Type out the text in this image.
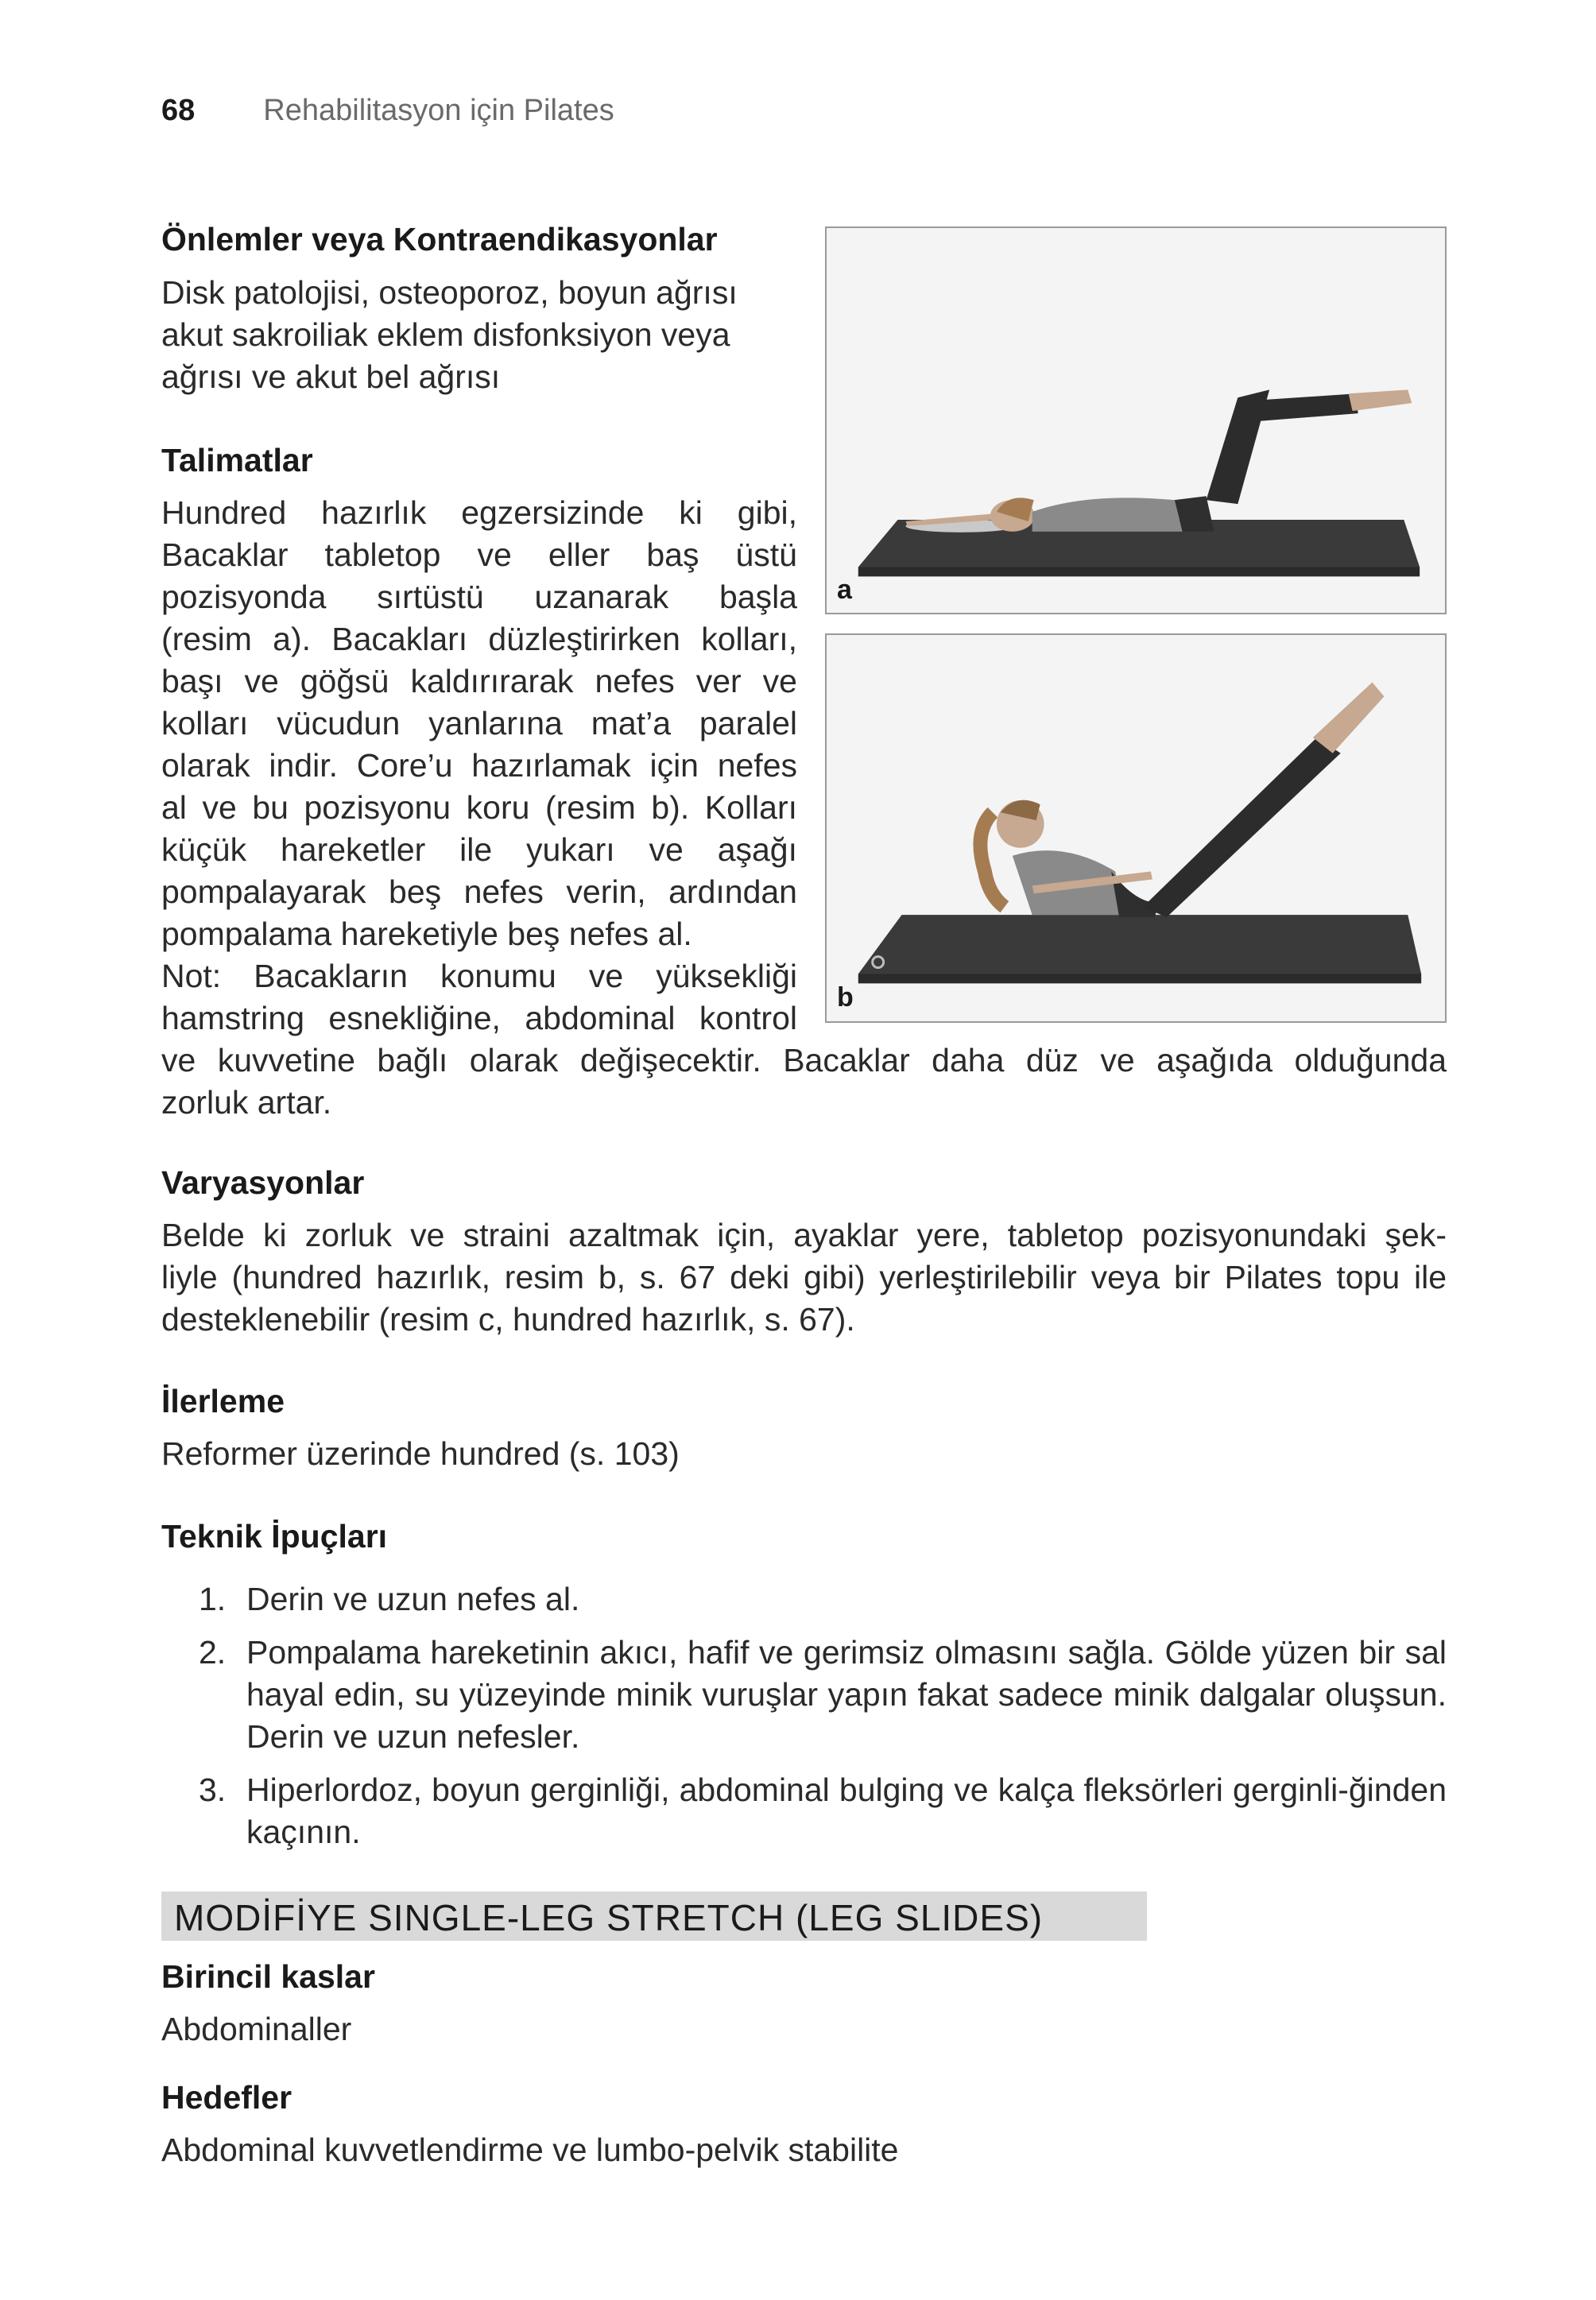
68 Rehabilitasyon için Pilates
Önlemler veya Kontraendikasyonlar
Disk patolojisi, osteoporoz, boyun ağrısı
akut sakroiliak eklem disfonksiyon veya
ağrısı ve akut bel ağrısı
Talimatlar
Hundred hazırlık egzersizinde ki gibi,
Bacaklar tabletop ve eller baş üstü
pozisyonda sırtüstü uzanarak başla
(resim a). Bacakları düzleştirirken kolları,
başı ve göğsü kaldırırarak nefes ver ve
kolları vücudun yanlarına mat’a paralel
olarak indir. Core’u hazırlamak için nefes
al ve bu pozisyonu koru (resim b). Kolları
küçük hareketler ile yukarı ve aşağı
pompalayarak beş nefes verin, ardından
pompalama hareketiyle beş nefes al.
Not: Bacakların konumu ve yüksekliği
hamstring esnekliğine, abdominal kontrol
ve kuvvetine bağlı olarak değişecektir. Bacaklar daha düz ve aşağıda olduğunda
zorluk artar.
a
b
Varyasyonlar
Belde ki zorluk ve straini azaltmak için, ayaklar yere, tabletop pozisyonundaki şek-
liyle (hundred hazırlık, resim b, s. 67 deki gibi) yerleştirilebilir veya bir Pilates topu ile
desteklenebilir (resim c, hundred hazırlık, s. 67).
İlerleme

Reformer üzerinde hundred (s. 103)

Teknik İpuçları
1. Derin ve uzun nefes al.
2. Pompalama hareketinin akıcı, hafif ve gerimsiz olmasını sağla. Gölde yüzen bir sal hayal edin, su yüzeyinde minik vuruşlar yapın fakat sadece minik dalgalar oluşsun. Derin ve uzun nefesler.
3. Hiperlordoz, boyun gerginliği, abdominal bulging ve kalça fleksörleri gerginli-ğinden kaçının.
MODİFİYE SINGLE-LEG STRETCH (LEG SLIDES)
Birincil kaslar

Abdominaller

Hedefler

Abdominal kuvvetlendirme ve lumbo-pelvik stabilite
